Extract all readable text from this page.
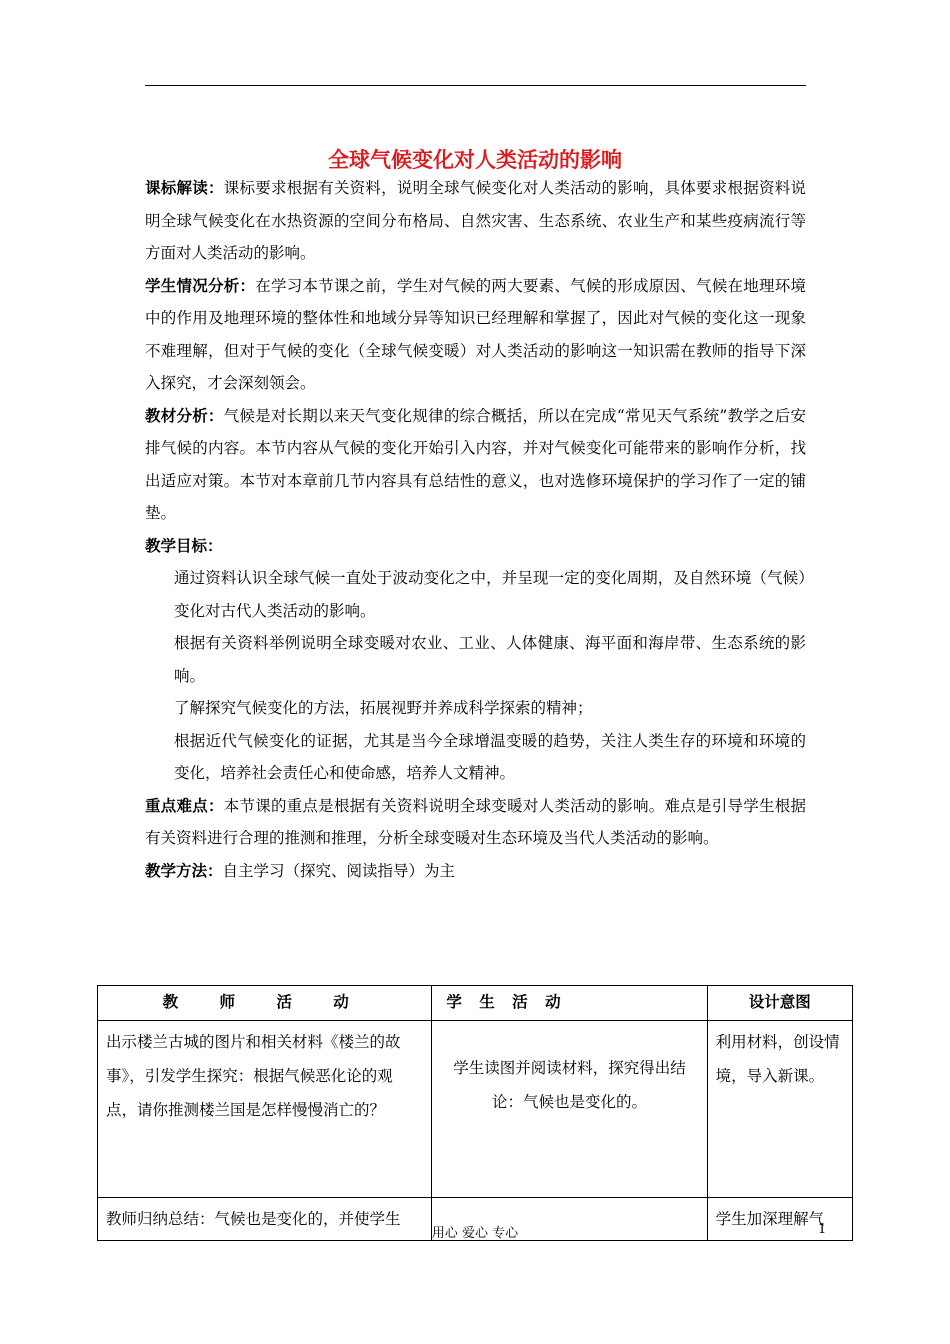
全球气候变化对人类活动的影响

课标解读：课标要求根据有关资料，说明全球气候变化对人类活动的影响，具体要求根据资料说明全球气候变化在水热资源的空间分布格局、自然灾害、生态系统、农业生产和某些疫病流行等方面对人类活动的影响。

学生情况分析：在学习本节课之前，学生对气候的两大要素、气候的形成原因、气候在地理环境中的作用及地理环境的整体性和地域分异等知识已经理解和掌握了，因此对气候的变化这一现象不难理解，但对于气候的变化（全球气候变暖）对人类活动的影响这一知识需在教师的指导下深入探究，才会深刻领会。

教材分析：气候是对长期以来天气变化规律的综合概括，所以在完成“常见天气系统”教学之后安排气候的内容。本节内容从气候的变化开始引入内容，并对气候变化可能带来的影响作分析，找出适应对策。本节对本章前几节内容具有总结性的意义，也对选修环境保护的学习作了一定的铺垫。

教学目标：

通过资料认识全球气候一直处于波动变化之中，并呈现一定的变化周期，及自然环境（气候）变化对古代人类活动的影响。

根据有关资料举例说明全球变暖对农业、工业、人体健康、海平面和海岸带、生态系统的影响。

了解探究气候变化的方法，拓展视野并养成科学探索的精神；

根据近代气候变化的证据，尤其是当今全球增温变暖的趋势，关注人类生存的环境和环境的变化，培养社会责任心和使命感，培养人文精神。

重点难点：本节课的重点是根据有关资料说明全球变暖对人类活动的影响。难点是引导学生根据有关资料进行合理的推测和推理，分析全球变暖对生态环境及当代人类活动的影响。

教学方法：自主学习（探究、阅读指导）为主

教 师 活 动	学 生 活 动	设计意图
出示楼兰古城的图片和相关材料《楼兰的故事》，引发学生探究：根据气候恶化论的观点，请你推测楼兰国是怎样慢慢消亡的？	学生读图并阅读材料，探究得出结论：气候也是变化的。	利用材料，创设情境，导入新课。
教师归纳总结：气候也是变化的，并使学生		学生加深理解气
用心 爱心 专心	1
